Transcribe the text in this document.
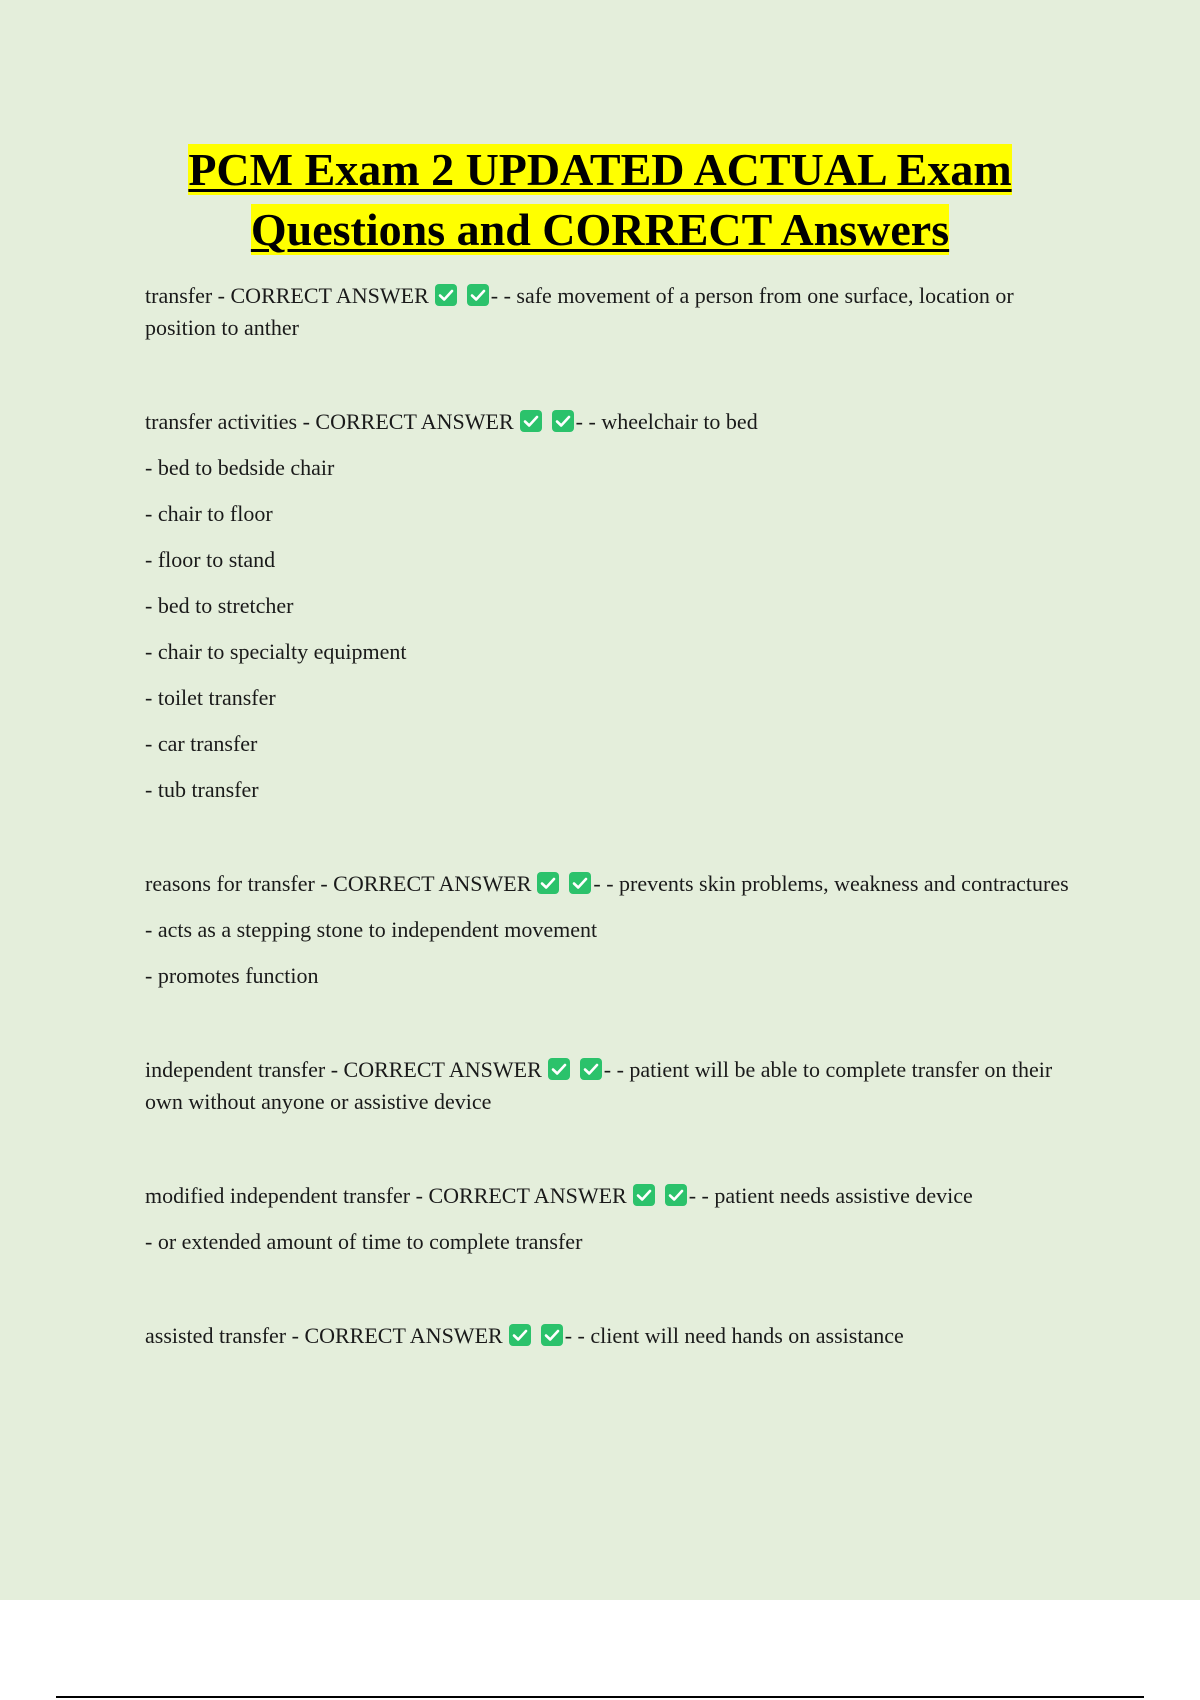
PCM Exam 2 UPDATED ACTUAL Exam
Questions and CORRECT Answers

transfer - CORRECT ANSWER	- - safe movement of a person from one surface, location or position to anther

transfer activities - CORRECT ANSWER	- - wheelchair to bed

- bed to bedside chair

- chair to floor

- floor to stand

- bed to stretcher

- chair to specialty equipment

- toilet transfer

- car transfer

- tub transfer

reasons for transfer - CORRECT ANSWER	- - prevents skin problems, weakness and contractures

- acts as a stepping stone to independent movement

- promotes function

independent transfer - CORRECT ANSWER	- - patient will be able to complete transfer on their own without anyone or assistive device

modified independent transfer - CORRECT ANSWER	- - patient needs assistive device

- or extended amount of time to complete transfer

assisted transfer - CORRECT ANSWER	- - client will need hands on assistance
